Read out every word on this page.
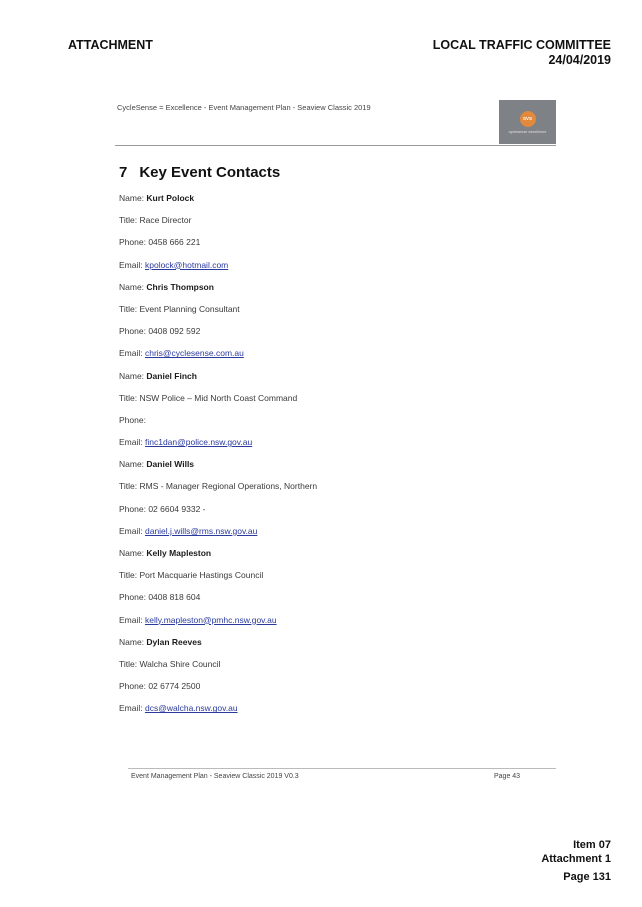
ATTACHMENT	LOCAL TRAFFIC COMMITTEE
24/04/2019
CycleSense = Excellence - Event Management Plan - Seaview Classic 2019
SVS
cyclesense excellence
7 Key Event Contacts
Name: Kurt Polock
Title: Race Director
Phone: 0458 666 221
Email: kpolock@hotmail.com
Name: Chris Thompson
Title: Event Planning Consultant
Phone: 0408 092 592
Email: chris@cyclesense.com.au
Name: Daniel Finch
Title: NSW Police – Mid North Coast Command
Phone:
Email: finc1dan@police.nsw.gov.au
Name: Daniel Wills
Title: RMS - Manager Regional Operations, Northern
Phone: 02 6604 9332 -
Email: daniel.j.wills@rms.nsw.gov.au
Name: Kelly Mapleston
Title: Port Macquarie Hastings Council
Phone: 0408 818 604
Email: kelly.mapleston@pmhc.nsw.gov.au
Name: Dylan Reeves
Title: Walcha Shire Council
Phone: 02 6774 2500
Email: dcs@walcha.nsw.gov.au
Event Management Plan - Seaview Classic 2019 V0.3	Page 43
Item 07
Attachment 1
Page 131
